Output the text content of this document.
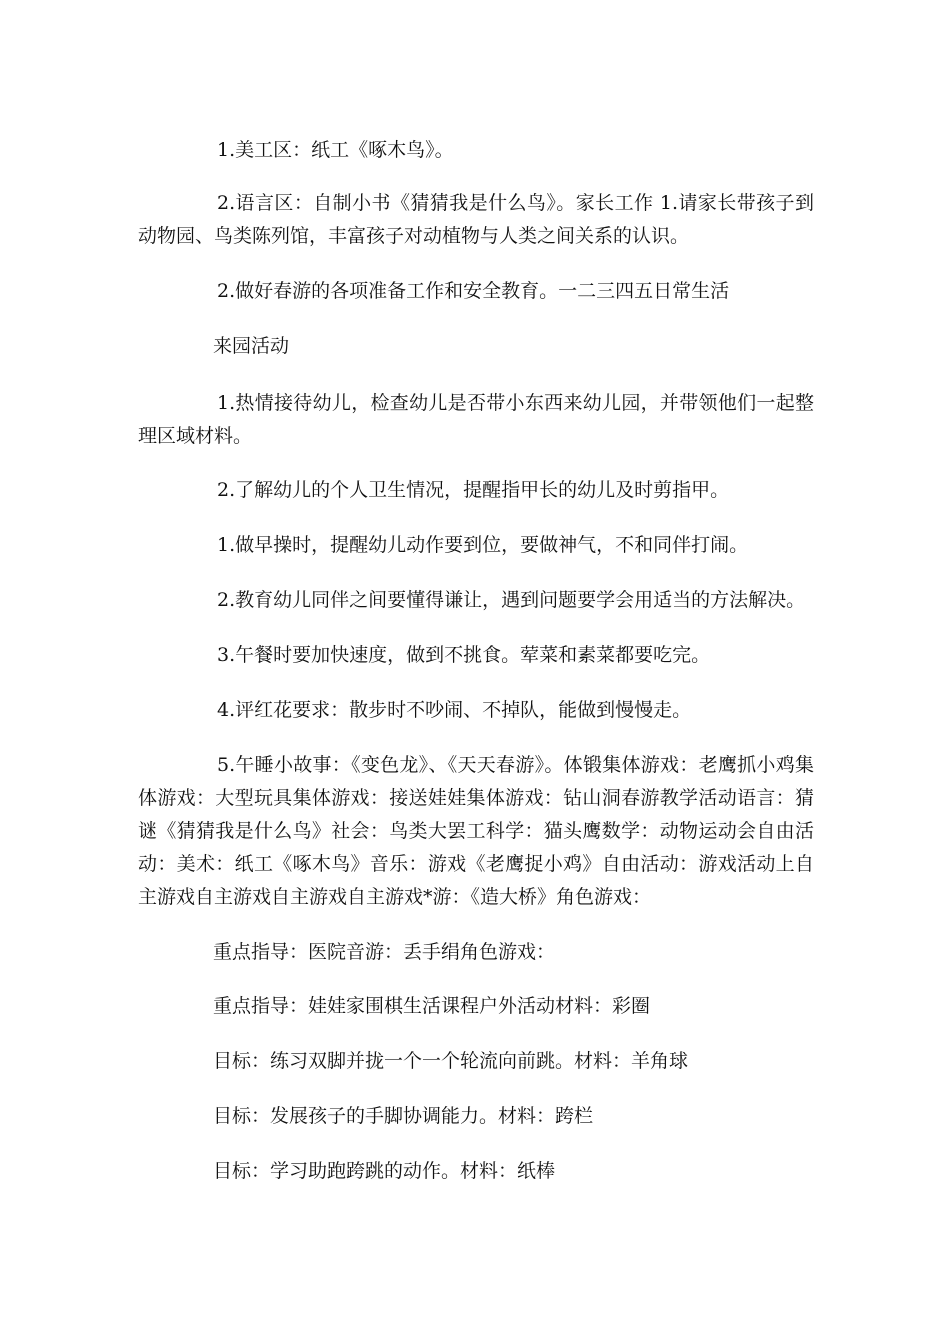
1.美工区：纸工《啄木鸟》。

2.语言区：自制小书《猜猜我是什么鸟》。家长工作 1.请家长带孩子到动物园、鸟类陈列馆，丰富孩子对动植物与人类之间关系的认识。

2.做好春游的各项准备工作和安全教育。一二三四五日常生活

来园活动

1.热情接待幼儿，检查幼儿是否带小东西来幼儿园，并带领他们一起整理区域材料。

2.了解幼儿的个人卫生情况，提醒指甲长的幼儿及时剪指甲。

1.做早操时，提醒幼儿动作要到位，要做神气，不和同伴打闹。

2.教育幼儿同伴之间要懂得谦让，遇到问题要学会用适当的方法解决。

3.午餐时要加快速度，做到不挑食。荤菜和素菜都要吃完。

4.评红花要求：散步时不吵闹、不掉队，能做到慢慢走。

5.午睡小故事：《变色龙》、《天天春游》。体锻集体游戏：老鹰抓小鸡集体游戏：大型玩具集体游戏：接送娃娃集体游戏：钻山洞春游教学活动语言：猜谜《猜猜我是什么鸟》社会：鸟类大罢工科学：猫头鹰数学：动物运动会自由活动：美术：纸工《啄木鸟》音乐：游戏《老鹰捉小鸡》自由活动：游戏活动上自主游戏自主游戏自主游戏自主游戏*游：《造大桥》角色游戏：

重点指导：医院音游：丢手绢角色游戏：

重点指导：娃娃家围棋生活课程户外活动材料：彩圈

目标：练习双脚并拢一个一个轮流向前跳。材料：羊角球

目标：发展孩子的手脚协调能力。材料：跨栏

目标：学习助跑跨跳的动作。材料：纸棒
